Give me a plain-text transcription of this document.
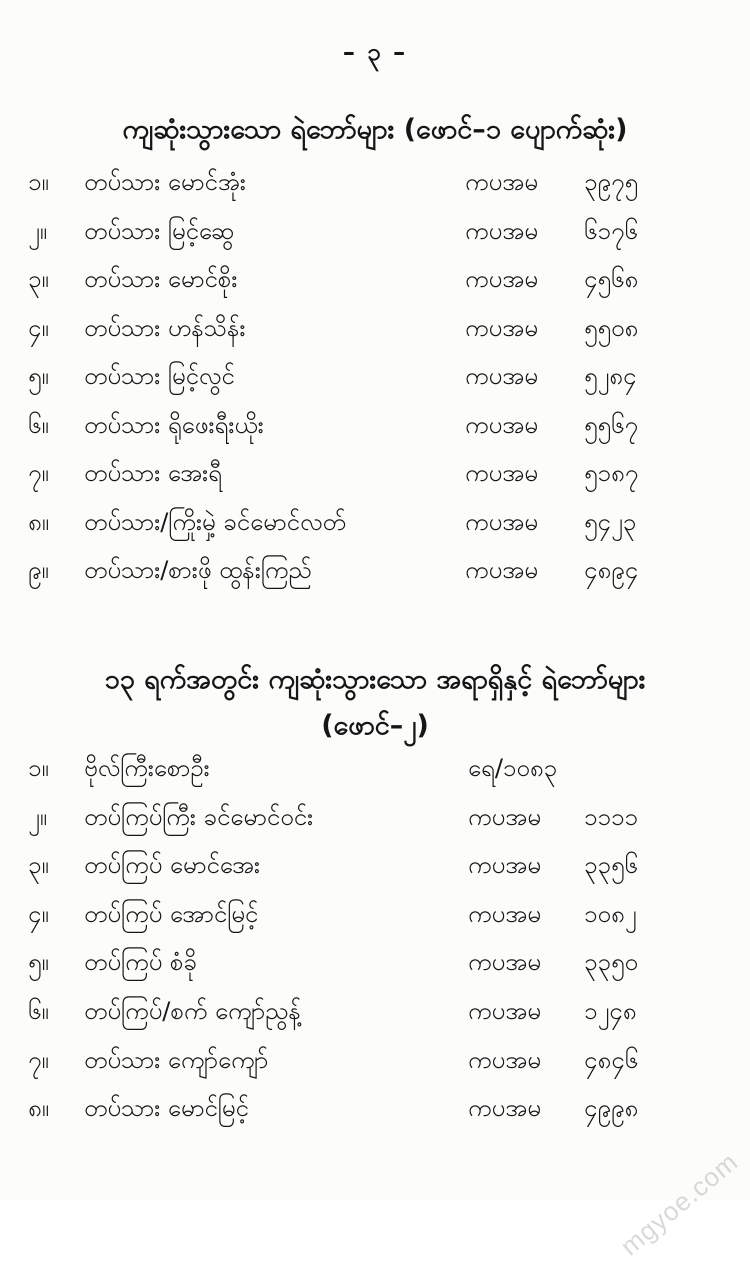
– ၃ –
ကျဆုံးသွားသော ရဲဘော်များ (ဖောင်–၁ ပျောက်ဆုံး)
၁။	တပ်သား မောင်အုံး	ကပအမ	၃၉၇၅
၂။	တပ်သား မြင့်ဆွေ	ကပအမ	၆၁၇၆
၃။	တပ်သား မောင်စိုး	ကပအမ	၄၅၆၈
၄။	တပ်သား ဟန်သိန်း	ကပအမ	၅၅၀၈
၅။	တပ်သား မြင့်လွင်	ကပအမ	၅၂၈၄
၆။	တပ်သား ရိုဖေးရီးယိုး	ကပအမ	၅၅၆၇
၇။	တပ်သား အေးရီ	ကပအမ	၅၁၈၇
၈။	တပ်သား/ကြိုးမှဲ့ ခင်မောင်လတ်	ကပအမ	၅၄၂၃
၉။	တပ်သား/စားဖို ထွန်းကြည်	ကပအမ	၄၈၉၄
၁၃ ရက်အတွင်း ကျဆုံးသွားသော အရာရှိနှင့် ရဲဘော်များ
(ဖောင်–၂)
၁။	ဗိုလ်ကြီးစောဦး	ရေ/၁၀၈၃
၂။	တပ်ကြပ်ကြီး ခင်မောင်ဝင်း	ကပအမ	၁၁၁၁
၃။	တပ်ကြပ် မောင်အေး	ကပအမ	၃၃၅၆
၄။	တပ်ကြပ် အောင်မြင့်	ကပအမ	၁၀၈၂
၅။	တပ်ကြပ် စံခို	ကပအမ	၃၃၅၀
၆။	တပ်ကြပ်/စက် ကျော်ညွန့်	ကပအမ	၁၂၄၈
၇။	တပ်သား ကျော်ကျော်	ကပအမ	၄၈၄၆
၈။	တပ်သား မောင်မြင့်	ကပအမ	၄၉၉၈
mgyoe.com
